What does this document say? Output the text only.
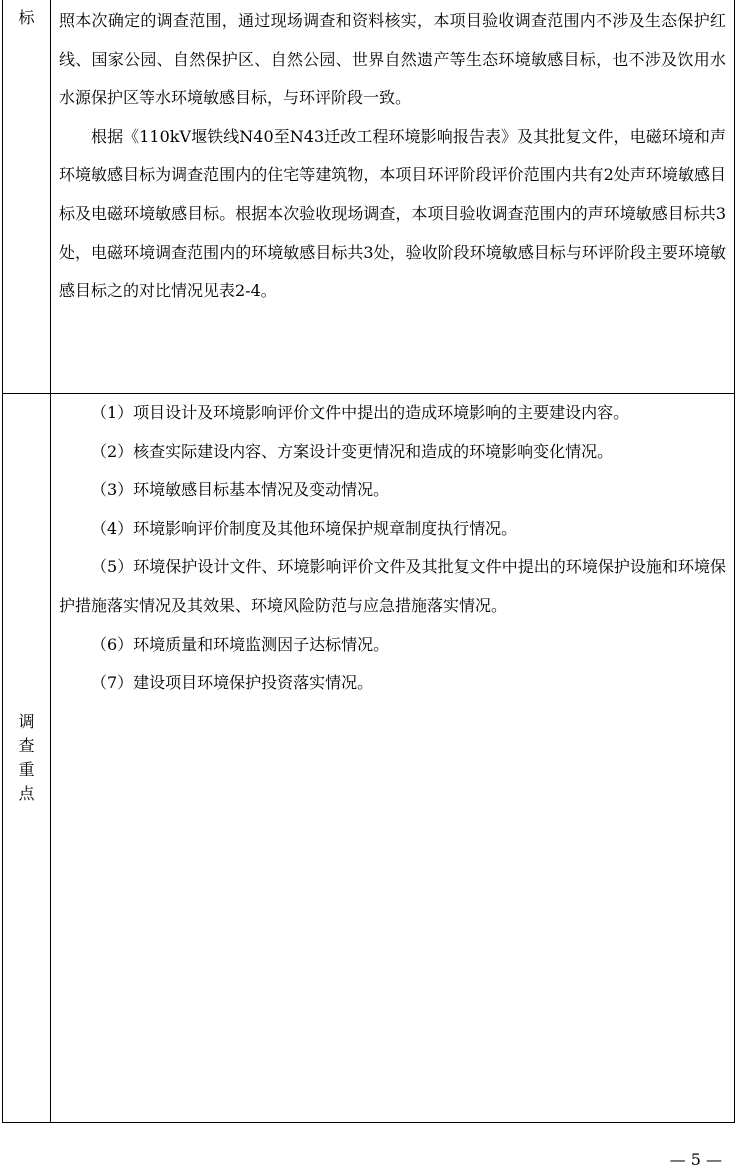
标 照本次确定的调查范围，通过现场调查和资料核实，本项目验收调查范围内不涉及生态保护红线、国家公园、自然保护区、自然公园、世界自然遗产等生态环境敏感目标，也不涉及饮用水水源保护区等水环境敏感目标，与环评阶段一致。

根据《110kV堰铁线N40至N43迁改工程环境影响报告表》及其批复文件，电磁环境和声环境敏感目标为调查范围内的住宅等建筑物，本项目环评阶段评价范围内共有2处声环境敏感目标及电磁环境敏感目标。根据本次验收现场调查，本项目验收调查范围内的声环境敏感目标共3处，电磁环境调查范围内的环境敏感目标共3处，验收阶段环境敏感目标与环评阶段主要环境敏感目标之的对比情况见表2-4。

调
查
重
点

（1）项目设计及环境影响评价文件中提出的造成环境影响的主要建设内容。

（2）核查实际建设内容、方案设计变更情况和造成的环境影响变化情况。

（3）环境敏感目标基本情况及变动情况。

（4）环境影响评价制度及其他环境保护规章制度执行情况。

（5）环境保护设计文件、环境影响评价文件及其批复文件中提出的环境保护设施和环境保护措施落实情况及其效果、环境风险防范与应急措施落实情况。

（6）环境质量和环境监测因子达标情况。

（7）建设项目环境保护投资落实情况。

— 5 —
